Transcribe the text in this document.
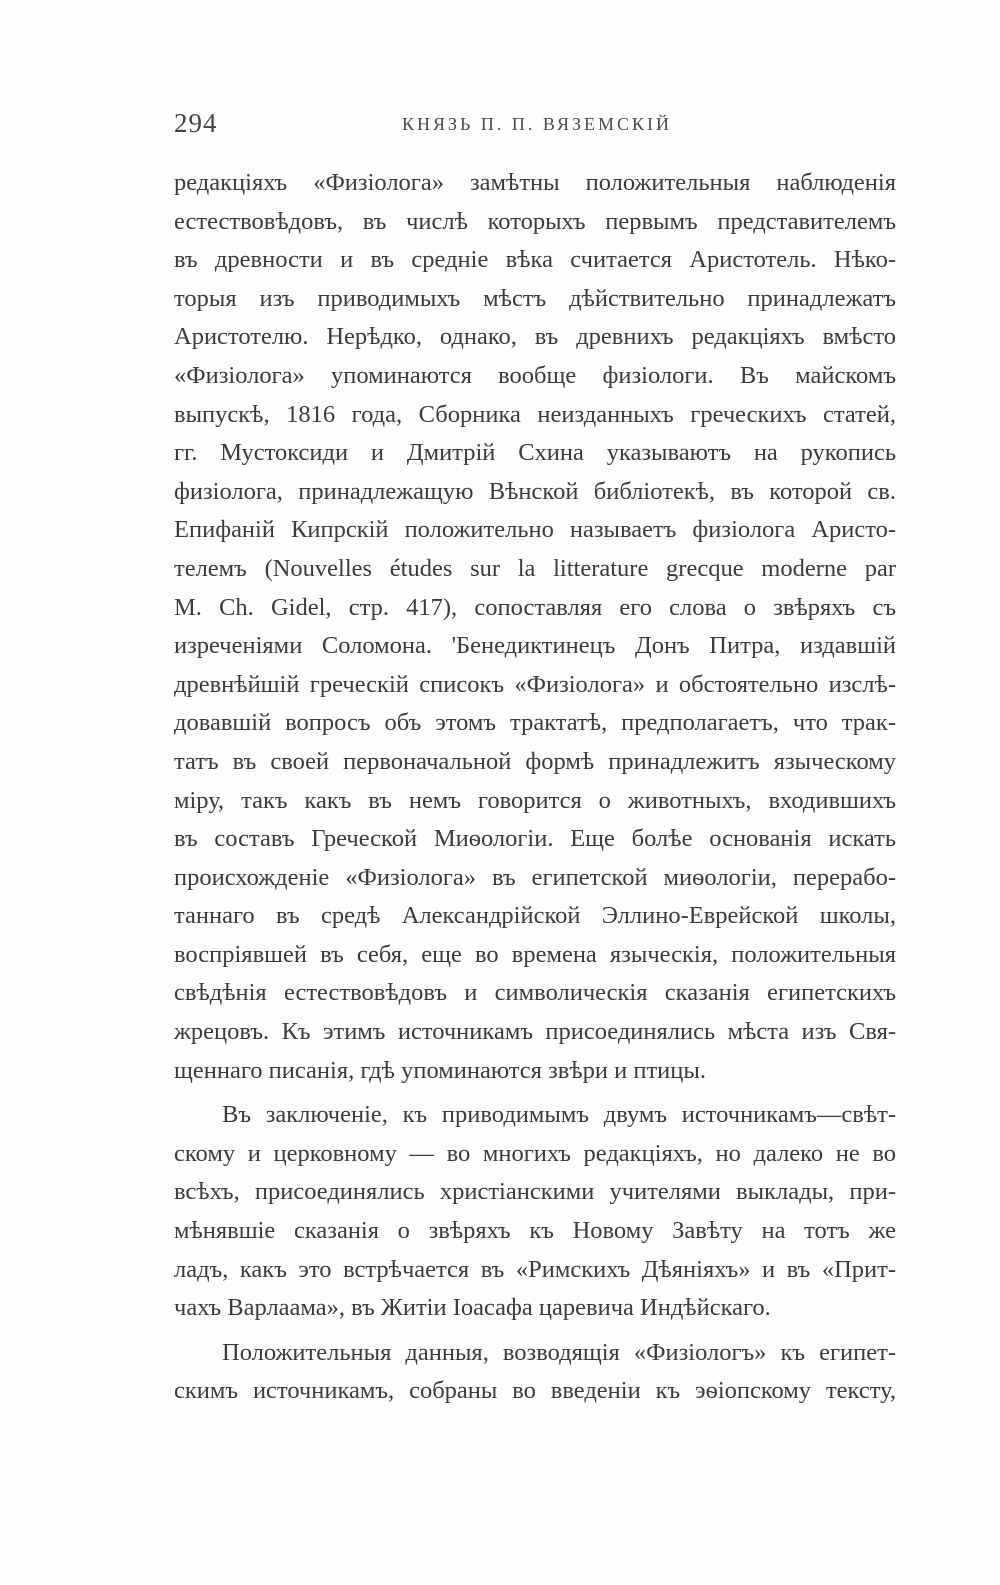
294	КНЯЗЬ П. П. ВЯЗЕМСКІЙ
редакціяхъ «Физіолога» замѣтны положительныя наблюденія
естествовѣдовъ, въ числѣ которыхъ первымъ представителемъ
въ древности и въ средніе вѣка считается Аристотель. Нѣко-
торыя изъ приводимыхъ мѣстъ дѣйствительно принадлежатъ
Аристотелю. Нерѣдко, однако, въ древнихъ редакціяхъ вмѣсто
«Физіолога» упоминаются вообще физіологи. Въ майскомъ
выпускѣ, 1816 года, Сборника неизданныхъ греческихъ статей,
гг. Мустоксиди и Дмитрій Схина указываютъ на рукопись
физіолога, принадлежащую Вѣнской библіотекѣ, въ которой св.
Епифаній Кипрскій положительно называетъ физіолога Аристо-
телемъ (Nouvelles études sur la litterature grecque moderne par
M. Ch. Gidel, стр. 417), сопоставляя его слова о звѣряхъ съ
изреченіями Соломона. 'Бенедиктинецъ Донъ Питра, издавшій
древнѣйшій греческій списокъ «Физіолога» и обстоятельно изслѣ-
довавшій вопросъ объ этомъ трактатѣ, предполагаетъ, что трак-
татъ въ своей первоначальной формѣ принадлежитъ языческому
міру, такъ какъ въ немъ говорится о животныхъ, входившихъ
въ составъ Греческой Миѳологіи. Еще болѣе основанія искать
происхожденіе «Физіолога» въ египетской миѳологіи, перерабо-
таннаго въ средѣ Александрійской Эллино-Еврейской школы,
воспріявшей въ себя, еще во времена языческія, положительныя
свѣдѣнія естествовѣдовъ и символическія сказанія египетскихъ
жрецовъ. Къ этимъ источникамъ присоединялись мѣста изъ Свя-
щеннаго писанія, гдѣ упоминаются звѣри и птицы.
Въ заключеніе, къ приводимымъ двумъ источникамъ—свѣт-
скому и церковному — во многихъ редакціяхъ, но далеко не во
всѣхъ, присоединялись христіанскими учителями выклады, при-
мѣнявшіе сказанія о звѣряхъ къ Новому Завѣту на тотъ же
ладъ, какъ это встрѣчается въ «Римскихъ Дѣяніяхъ» и въ «Прит-
чахъ Варлаама», въ Житіи Іоасафа царевича Индѣйскаго.
Положительныя данныя, возводящія «Физіологъ» къ египет-
скимъ источникамъ, собраны во введеніи къ эѳіопскому тексту,
